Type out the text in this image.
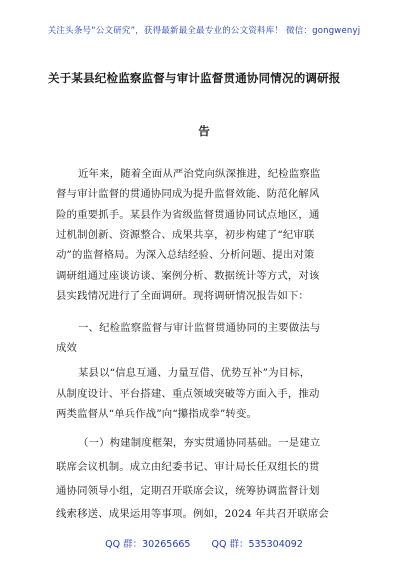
关注头条号“公文研究”，获得最新最全最专业的公文资料库！ 微信：gongwenyj
关于某县纪检监察监督与审计监督贯通协同情况的调研报
告
近年来，随着全面从严治党向纵深推进，纪检监察监
督与审计监督的贯通协同成为提升监督效能、防范化解风
险的重要抓手。某县作为省级监督贯通协同试点地区，通
过机制创新、资源整合、成果共享，初步构建了“纪审联
动”的监督格局。为深入总结经验、分析问题、提出对策
调研组通过座谈访谈、案例分析、数据统计等方式，对该
县实践情况进行了全面调研。现将调研情况报告如下：
一、纪检监察监督与审计监督贯通协同的主要做法与
成效
某县以“信息互通、力量互借、优势互补”为目标，
从制度设计、平台搭建、重点领域突破等方面入手，推动
两类监督从“单兵作战”向“攥指成拳”转变。
（一）构建制度框架，夯实贯通协同基础。一是建立
联席会议机制。成立由纪委书记、审计局长任双组长的贯
通协同领导小组，定期召开联席会议，统筹协调监督计划
线索移送、成果运用等事项。例如，2024 年共召开联席会
QQ 群：30265665 QQ 群：535304092
